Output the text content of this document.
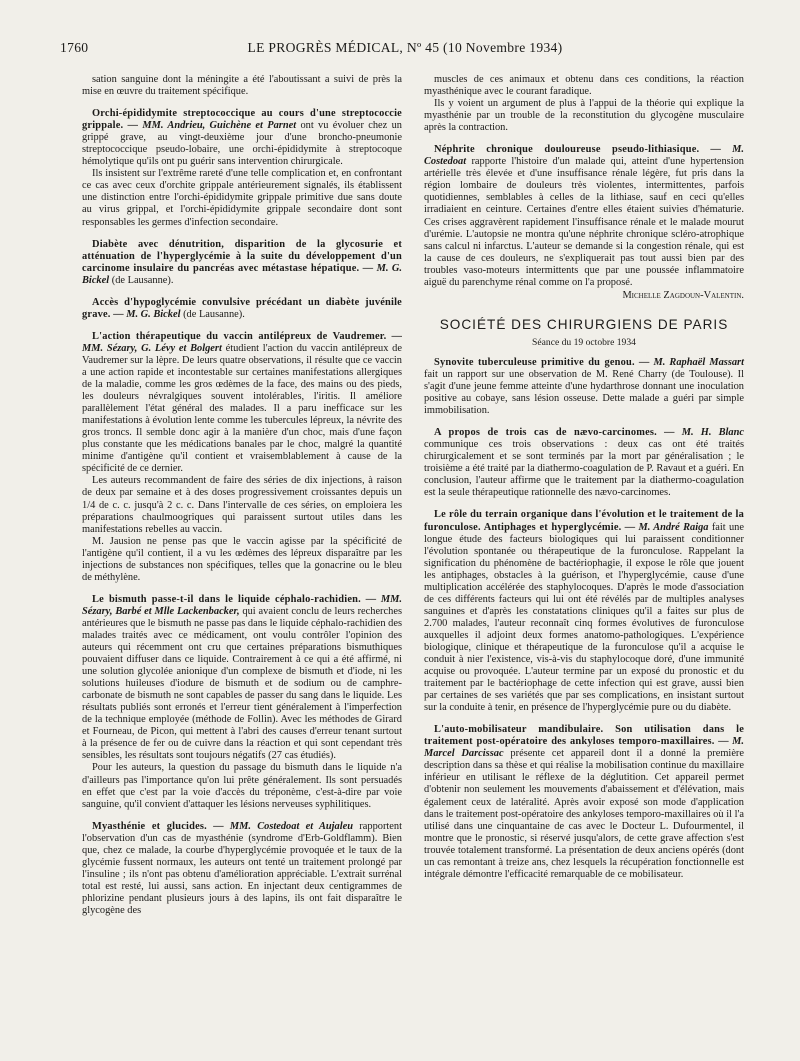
1760	LE PROGRÈS MÉDICAL, Nº 45 (10 Novembre 1934)

sation sanguine dont la méningite a été l'aboutissant a suivi de près la mise en œuvre du traitement spécifique.

Orchi-épididymite streptococcique au cours d'une streptococcie grippale. — MM. Andrieu, Guichène et Parnet ont vu évoluer chez un grippé grave, au vingt-deuxième jour d'une broncho-pneumonie streptococcique pseudo-lobaire, une orchi-épididymite à streptocoque hémolytique qu'ils ont pu guérir sans intervention chirurgicale.

Ils insistent sur l'extrême rareté d'une telle complication et, en confrontant ce cas avec ceux d'orchite grippale antérieurement signalés, ils établissent une distinction entre l'orchi-épididymite grippale primitive due sans doute au virus grippal, et l'orchi-épididymite grippale secondaire dont sont responsables les germes d'infection secondaire.

Diabète avec dénutrition, disparition de la glycosurie et atténuation de l'hyperglycémie à la suite du développement d'un carcinome insulaire du pancréas avec métastase hépatique. — M. G. Bickel (de Lausanne).

Accès d'hypoglycémie convulsive précédant un diabète juvénile grave. — M. G. Bickel (de Lausanne).

L'action thérapeutique du vaccin antilépreux de Vaudremer. — MM. Sézary, G. Lévy et Bolgert étudient l'action du vaccin antilépreux de Vaudremer sur la lèpre. De leurs quatre observations, il résulte que ce vaccin a une action rapide et incontestable sur certaines manifestations allergiques de la maladie, comme les gros œdèmes de la face, des mains ou des pieds, les douleurs névralgiques souvent intolérables, l'iritis. Il améliore parallèlement l'état général des malades. Il a paru inefficace sur les manifestations à évolution lente comme les tubercules lépreux, la névrite des gros troncs. Il semble donc agir à la manière d'un choc, mais d'une façon plus constante que les médications banales par le choc, malgré la quantité minime d'antigène qu'il contient et vraisemblablement à cause de la spécificité de ce dernier.

Les auteurs recommandent de faire des séries de dix injections, à raison de deux par semaine et à des doses progressivement croissantes depuis un 1/4 de c. c. jusqu'à 2 c. c. Dans l'intervalle de ces séries, on emploiera les préparations chaulmoogriques qui paraissent surtout utiles dans les manifestations rebelles au vaccin.

M. Jausion ne pense pas que le vaccin agisse par la spécificité de l'antigène qu'il contient, il a vu les œdèmes des lépreux disparaître par les injections de substances non spécifiques, telles que la gonacrine ou le bleu de méthylène.

Le bismuth passe-t-il dans le liquide céphalo-rachidien. — MM. Sézary, Barbé et Mlle Lackenbacker, qui avaient conclu de leurs recherches antérieures que le bismuth ne passe pas dans le liquide céphalo-rachidien des malades traités avec ce médicament, ont voulu contrôler l'opinion des auteurs qui récemment ont cru que certaines préparations bismuthiques pouvaient diffuser dans ce liquide. Contrairement à ce qui a été affirmé, ni une solution glycolée anionique d'un complexe de bismuth et d'iode, ni les solutions huileuses d'iodure de bismuth et de sodium ou de camphre-carbonate de bismuth ne sont capables de passer du sang dans le liquide. Les résultats publiés sont erronés et l'erreur tient généralement à l'imperfection de la technique employée (méthode de Follin). Avec les méthodes de Girard et Fourneau, de Picon, qui mettent à l'abri des causes d'erreur tenant surtout à la présence de fer ou de cuivre dans la réaction et qui sont cependant très sensibles, les résultats sont toujours négatifs (27 cas étudiés).

Pour les auteurs, la question du passage du bismuth dans le liquide n'a d'ailleurs pas l'importance qu'on lui prête généralement. Ils sont persuadés en effet que c'est par la voie d'accès du tréponème, c'est-à-dire par voie sanguine, qu'il convient d'attaquer les lésions nerveuses syphilitiques.

Myasthénie et glucides. — MM. Costedoat et Aujaleu rapportent l'observation d'un cas de myasthénie (syndrome d'Erb-Goldflamm). Bien que, chez ce malade, la courbe d'hyperglycémie provoquée et le taux de la glycémie fussent normaux, les auteurs ont tenté un traitement prolongé par l'insuline ; ils n'ont pas obtenu d'amélioration appréciable. L'extrait surrénal total est resté, lui aussi, sans action. En injectant deux centigrammes de phlorizine pendant plusieurs jours à des lapins, ils ont fait disparaître le glycogène des

muscles de ces animaux et obtenu dans ces conditions, la réaction myasthénique avec le courant faradique.

Ils y voient un argument de plus à l'appui de la théorie qui explique la myasthénie par un trouble de la reconstitution du glycogène musculaire après la contraction.

Néphrite chronique douloureuse pseudo-lithiasique. — M. Costedoat rapporte l'histoire d'un malade qui, atteint d'une hypertension artérielle très élevée et d'une insuffisance rénale légère, fut pris dans la région lombaire de douleurs très violentes, intermittentes, parfois quotidiennes, semblables à celles de la lithiase, sauf en ceci qu'elles irradiaient en ceinture. Certaines d'entre elles étaient suivies d'hématurie. Ces crises aggravèrent rapidement l'insuffisance rénale et le malade mourut d'urémie. L'autopsie ne montra qu'une néphrite chronique scléro-atrophique sans calcul ni infarctus. L'auteur se demande si la congestion rénale, qui est la cause de ces douleurs, ne s'expliquerait pas tout aussi bien par des troubles vaso-moteurs intermittents que par une poussée inflammatoire aiguë du parenchyme rénal comme on l'a proposé.

Michelle Zagdoun-Valentin.
SOCIÉTÉ DES CHIRURGIENS DE PARIS
Séance du 19 octobre 1934

Synovite tuberculeuse primitive du genou. — M. Raphaël Massart fait un rapport sur une observation de M. René Charry (de Toulouse). Il s'agit d'une jeune femme atteinte d'une hydarthrose donnant une inoculation positive au cobaye, sans lésion osseuse. Dette malade a guéri par simple immobilisation.

A propos de trois cas de nævo-carcinomes. — M. H. Blanc communique ces trois observations : deux cas ont été traités chirurgicalement et se sont terminés par la mort par généralisation ; le troisième a été traité par la diathermo-coagulation de P. Ravaut et a guéri. En conclusion, l'auteur affirme que le traitement par la diathermo-coagulation est la seule thérapeutique rationnelle des nævo-carcinomes.

Le rôle du terrain organique dans l'évolution et le traitement de la furonculose. Antiphages et hyperglycémie. — M. André Raiga fait une longue étude des facteurs biologiques qui lui paraissent conditionner l'évolution spontanée ou thérapeutique de la furonculose. Rappelant la signification du phénomène de bactériophagie, il expose le rôle que jouent les antiphages, obstacles à la guérison, et l'hyperglycémie, cause d'une multiplication accélérée des staphylocoques. D'après le mode d'association de ces différents facteurs qui lui ont été révélés par de multiples analyses sanguines et d'après les constatations cliniques qu'il a faites sur plus de 2.700 malades, l'auteur reconnaît cinq formes évolutives de furonculose auxquelles il adjoint deux formes anatomo-pathologiques. L'expérience biologique, clinique et thérapeutique de la furonculose qu'il a acquise le conduit à nier l'existence, vis-à-vis du staphylocoque doré, d'une immunité acquise ou provoquée. L'auteur termine par un exposé du pronostic et du traitement par le bactériophage de cette infection qui est grave, aussi bien par certaines de ses variétés que par ses complications, en insistant surtout sur la conduite à tenir, en présence de l'hyperglycémie pure ou du diabète.

L'auto-mobilisateur mandibulaire. Son utilisation dans le traitement post-opératoire des ankyloses temporo-maxillaires. — M. Marcel Darcissac présente cet appareil dont il a donné la première description dans sa thèse et qui réalise la mobilisation continue du maxillaire inférieur en utilisant le réflexe de la déglutition. Cet appareil permet d'obtenir non seulement les mouvements d'abaissement et d'élévation, mais également ceux de latéralité. Après avoir exposé son mode d'application dans le traitement post-opératoire des ankyloses temporo-maxillaires où il l'a utilisé dans une cinquantaine de cas avec le Docteur L. Dufourmentel, il montre que le pronostic, si réservé jusqu'alors, de cette grave affection s'est trouvée totalement transformé. La présentation de deux anciens opérés (dont un cas remontant à treize ans, chez lesquels la récupération fonctionnelle est intégrale démontre l'efficacité remarquable de ce mobilisateur.
